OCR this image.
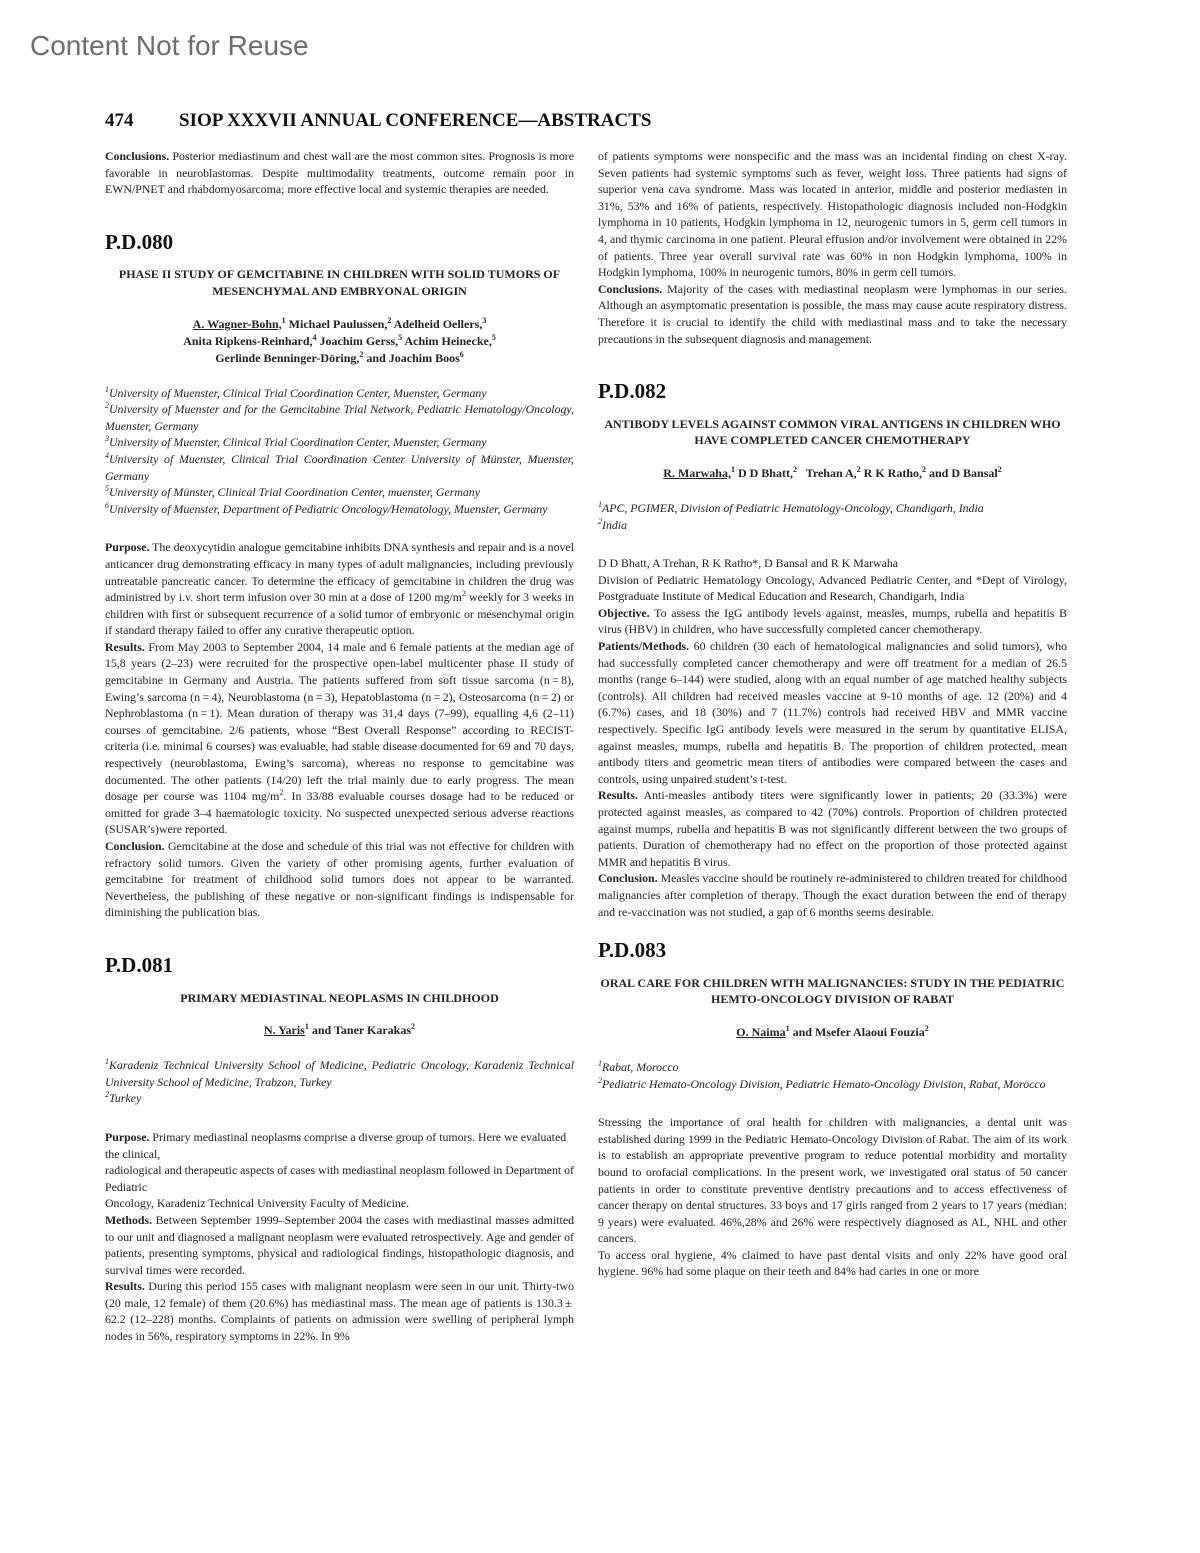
Content Not for Reuse
474 SIOP XXXVII ANNUAL CONFERENCE—ABSTRACTS

Conclusions. Posterior mediastinum and chest wall are the most common sites. Prognosis is more favorable in neuroblastomas. Despite multimodality treatments, outcome remain poor in EWN/PNET and rhabdomyosarcoma; more effective local and systemic therapies are needed.

P.D.080
PHASE II STUDY OF GEMCITABINE IN CHILDREN WITH SOLID TUMORS OF MESENCHYMAL AND EMBRYONAL ORIGIN
A. Wagner-Bohn,$^1$ Michael Paulussen,$^2$ Adelheid Oellers,$^3$
Anita Ripkens-Reinhard,$^4$ Joachim Gerss,$^5$ Achim Heinecke,$^5$
Gerlinde Benninger-Döring,$^2$ and Joachim Boos$^6$

$^1$University of Muenster, Clinical Trial Coordination Center, Muenster, Germany

$^2$University of Muenster and for the Gemcitabine Trial Network, Pediatric Hematology/Oncology, Muenster, Germany

$^3$University of Muenster, Clinical Trial Coordination Center, Muenster, Germany

$^4$University of Muenster, Clinical Trial Coordination Center University of Münster, Muenster, Germany

$^5$University of Münster, Clinical Trial Coordination Center, muenster, Germany

$^6$University of Muenster, Department of Pediatric Oncology/Hematology, Muenster, Germany

Purpose. The deoxycytidin analogue gemcitabine inhibits DNA synthesis and repair and is a novel anticancer drug demonstrating efficacy in many types of adult malignancies, including previously untreatable pancreatic cancer. To determine the efficacy of gemcitabine in children the drug was administred by i.v. short term infusion over 30 min at a dose of 1200 $mg/m^2$ weekly for 3 weeks in children with first or subsequent recurrence of a solid tumor of embryonic or mesenchymal origin if standard therapy failed to offer any curative therapeutic option.

Results. From May 2003 to September 2004, 14 male and 6 female patients at the median age of 15,8 years (2–23) were recruited for the prospective open-label multicenter phase II study of gemcitabine in Germany and Austria. The patients suffered from soft tissue sarcoma (n = 8), Ewing’s sarcoma (n = 4), Neuroblastoma (n = 3), Hepatoblastoma (n = 2), Osteosarcoma (n = 2) or Nephroblastoma (n = 1). Mean duration of therapy was 31,4 days (7–99), equalling 4,6 (2–11) courses of gemcitabine. 2/6 patients, whose “Best Overall Response” according to RECIST-criteria (i.e. minimal 6 courses) was evaluable, had stable disease documented for 69 and 70 days, respectively (neuroblastoma, Ewing’s sarcoma), whereas no response to gemcitabine was documented. The other patients (14/20) left the trial mainly due to early progress. The mean dosage per course was 1104 $mg/m^2$. In 33/88 evaluable courses dosage had to be reduced or omitted for grade 3–4 haematologic toxicity. No suspected unexpected serious adverse reactions (SUSAR’s)were reported.

Conclusion. Gemcitabine at the dose and schedule of this trial was not effective for children with refractory solid tumors. Given the variety of other promising agents, further evaluation of gemcitabine for treatment of childhood solid tumors does not appear to be warranted. Nevertheless, the publishing of these negative or non-significant findings is indispensable for diminishing the publication bias.

P.D.081
PRIMARY MEDIASTINAL NEOPLASMS IN CHILDHOOD
N. Yaris$^1$ and Taner Karakas$^2$

$^1$Karadeniz Technical University School of Medicine, Pediatric Oncology, Karadeniz Technical University School of Medicine, Trabzon, Turkey

$^2$Turkey

Purpose. Primary mediastinal neoplasms comprise a diverse group of tumors. Here we evaluated the clinical,
radiological and therapeutic aspects of cases with mediastinal neoplasm followed in Department of Pediatric
Oncology, Karadeniz Technical University Faculty of Medicine.

Methods. Between September 1999–September 2004 the cases with mediastinal masses admitted to our unit and diagnosed a malignant neoplasm were evaluated retrospectively. Age and gender of patients, presenting symptoms, physical and radiological findings, histopathologic diagnosis, and survival times were recorded.

Results. During this period 155 cases with malignant neoplasm were seen in our unit. Thirty-two (20 male, 12 female) of them (20.6%) has mediastinal mass. The mean age of patients is 130.3 ± 62.2 (12–228) months. Complaints of patients on admission were swelling of peripheral lymph nodes in 56%, respiratory symptoms in 22%. In 9%

of patients symptoms were nonspecific and the mass was an incidental finding on chest X-ray. Seven patients had systemic symptoms such as fever, weight loss. Three patients had signs of superior vena cava syndrome. Mass was located in anterior, middle and posterior mediasten in 31%, 53% and 16% of patients, respectively. Histopathologic diagnosis included non-Hodgkin lymphoma in 10 patients, Hodgkin lymphoma in 12, neurogenic tumors in 5, germ cell tumors in 4, and thymic carcinoma in one patient. Pleural effusion and/or involvement were obtained in 22% of patients. Three year overall survival rate was 60% in non Hodgkin lymphoma, 100% in Hodgkin lymphoma, 100% in neurogenic tumors, 80% in germ cell tumors.

Conclusions. Majority of the cases with mediastinal neoplasm were lymphomas in our series. Although an asymptomatic presentation is possible, the mass may cause acute respiratory distress. Therefore it is crucial to identify the child with mediastinal mass and to take the necessary precautions in the subsequent diagnosis and management.

P.D.082
ANTIBODY LEVELS AGAINST COMMON VIRAL ANTIGENS IN CHILDREN WHO HAVE COMPLETED CANCER CHEMOTHERAPY
R. Marwaha,$^1$ D D Bhatt,$^2$   Trehan A,$^2$ R K Ratho,$^2$ and D Bansal$^2$

$^1$APC, PGIMER, Division of Pediatric Hematology-Oncology, Chandigarh, India

$^2$India

D D Bhatt, A Trehan, R K Ratho*, D Bansal and R K Marwaha

Division of Pediatric Hematology Oncology, Advanced Pediatric Center, and *Dept of Virology, Postgraduate Institute of Medical Education and Research, Chandigarh, India

Objective. To assess the IgG antibody levels against, measles, mumps, rubella and hepatitis B virus (HBV) in children, who have successfully completed cancer chemotherapy.

Patients/Methods. 60 children (30 each of hematological malignancies and solid tumors), who had successfully completed cancer chemotherapy and were off treatment for a median of 26.5 months (range 6–144) were studied, along with an equal number of age matched healthy subjects (controls). All children had received measles vaccine at 9-10 months of age. 12 (20%) and 4 (6.7%) cases, and 18 (30%) and 7 (11.7%) controls had received HBV and MMR vaccine respectively. Specific IgG antibody levels were measured in the serum by quantitative ELISA, against measles, mumps, rubella and hepatitis B. The proportion of children protected, mean antibody titers and geometric mean titers of antibodies were compared between the cases and controls, using unpaired student’s t-test.

Results. Anti-measles antibody titers were significantly lower in patients; 20 (33.3%) were protected against measles, as compared to 42 (70%) controls. Proportion of children protected against mumps, rubella and hepatitis B was not significantly different between the two groups of patients. Duration of chemotherapy had no effect on the proportion of those protected against MMR and hepatitis B virus.

Conclusion. Measles vaccine should be routinely re-administered to children treated for childhood malignancies after completion of therapy. Though the exact duration between the end of therapy and re-vaccination was not studied, a gap of 6 months seems desirable.

P.D.083
ORAL CARE FOR CHILDREN WITH MALIGNANCIES: STUDY IN THE PEDIATRIC HEMTO-ONCOLOGY DIVISION OF RABAT
O. Naima$^1$ and Msefer Alaoui Fouzia$^2$

$^1$Rabat, Morocco

$^2$Pediatric Hemato-Oncology Division, Pediatric Hemato-Oncology Division, Rabat, Morocco

Stressing the importance of oral health for children with malignancies, a dental unit was established during 1999 in the Pediatric Hemato-Oncology Division of Rabat. The aim of its work is to establish an appropriate preventive program to reduce potential morbidity and mortality bound to orofacial complications. In the present work, we investigated oral status of 50 cancer patients in order to constitute preventive dentistry precautions and to access effectiveness of cancer therapy on dental structures. 33 boys and 17 girls ranged from 2 years to 17 years (median: 9 years) were evaluated. 46%,28% and 26% were respectively diagnosed as AL, NHL and other cancers.

To access oral hygiene, 4% claimed to have past dental visits and only 22% have good oral hygiene. 96% had some plaque on their teeth and 84% had caries in one or more
